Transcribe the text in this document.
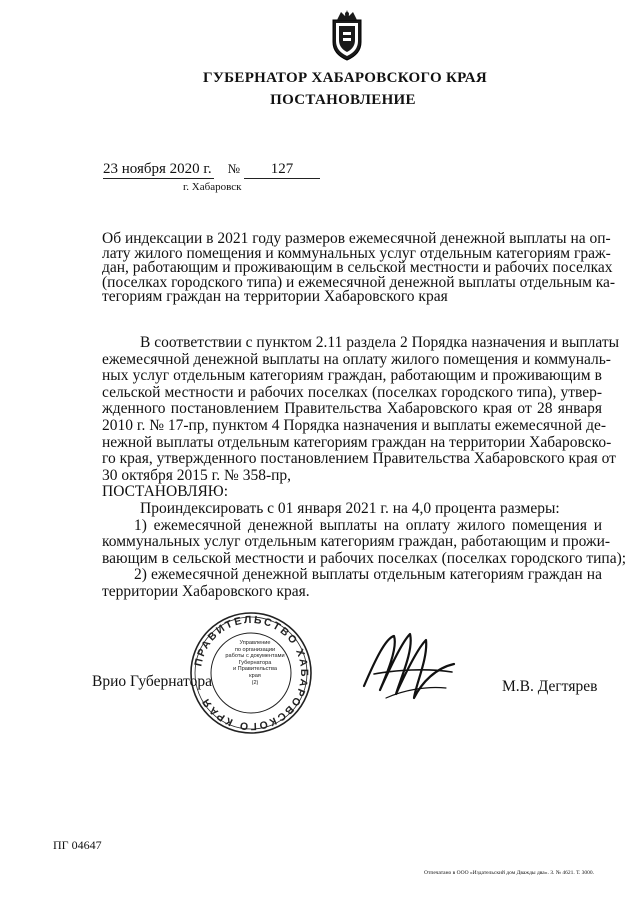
ГУБЕРНАТОР ХАБАРОВСКОГО КРАЯ
ПОСТАНОВЛЕНИЕ
23 ноября 2020 г. № 127
г. Хабаровск
Об индексации в 2021 году размеров ежемесячной денежной выплаты на оп-
лату жилого помещения и коммунальных услуг отдельным категориям граж-
дан, работающим и проживающим в сельской местности и рабочих поселках
(поселках городского типа) и ежемесячной денежной выплаты отдельным ка-
тегориям граждан на территории Хабаровского края
В соответствии с пунктом 2.11 раздела 2 Порядка назначения и выплаты
ежемесячной денежной выплаты на оплату жилого помещения и коммуналь-
ных услуг отдельным категориям граждан, работающим и проживающим в
сельской местности и рабочих поселках (поселках городского типа), утвер-
жденного постановлением Правительства Хабаровского края от 28 января
2010 г. № 17-пр, пунктом 4 Порядка назначения и выплаты ежемесячной де-
нежной выплаты отдельным категориям граждан на территории Хабаровско-
го края, утвержденного постановлением Правительства Хабаровского края от
30 октября 2015 г. № 358-пр,
ПОСТАНОВЛЯЮ:
Проиндексировать с 01 января 2021 г. на 4,0 процента размеры:
1) ежемесячной денежной выплаты на оплату жилого помещения и
коммунальных услуг отдельным категориям граждан, работающим и прожи-
вающим в сельской местности и рабочих поселках (поселках городского типа);
2) ежемесячной денежной выплаты отдельным категориям граждан на
территории Хабаровского края.
ПРАВИТЕЛЬСТВО ХАБАРОВСКОГО КРАЯ
Управление
по организации
работы с документами
Губернатора
и Правительства
края
(2)
Врио Губернатора	М.В. Дегтярев
ПГ 04647
Отпечатано в ООО «Издательский дом Дважды два». З. № 4621. Т. 3000.
